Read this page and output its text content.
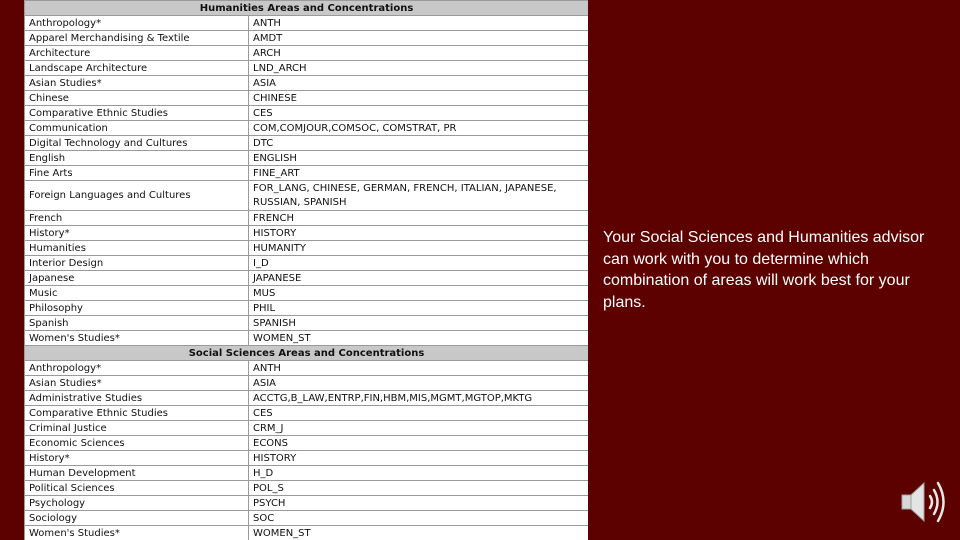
Humanities Areas and Concentrations	
Anthropology*	ANTH
Apparel Merchandising & Textile	AMDT
Architecture	ARCH
Landscape Architecture	LND_ARCH
Asian Studies*	ASIA
Chinese	CHINESE
Comparative Ethnic Studies	CES
Communication	COM,COMJOUR,COMSOC, COMSTRAT, PR
Digital Technology and Cultures	DTC
English	ENGLISH
Fine Arts	FINE_ART
Foreign Languages and Cultures	FOR_LANG, CHINESE, GERMAN, FRENCH, ITALIAN, JAPANESE, RUSSIAN, SPANISH
French	FRENCH
History*	HISTORY
Humanities	HUMANITY
Interior Design	I_D
Japanese	JAPANESE
Music	MUS
Philosophy	PHIL
Spanish	SPANISH
Women's Studies*	WOMEN_ST
Social Sciences Areas and Concentrations	
Anthropology*	ANTH
Asian Studies*	ASIA
Administrative Studies	ACCTG,B_LAW,ENTRP,FIN,HBM,MIS,MGMT,MGTOP,MKTG
Comparative Ethnic Studies	CES
Criminal Justice	CRM_J
Economic Sciences	ECONS
History*	HISTORY
Human Development	H_D
Political Sciences	POL_S
Psychology	PSYCH
Sociology	SOC
Women's Studies*	WOMEN_ST
Your Social Sciences and Humanities advisor can work with you to determine which combination of areas will work best for your plans.
